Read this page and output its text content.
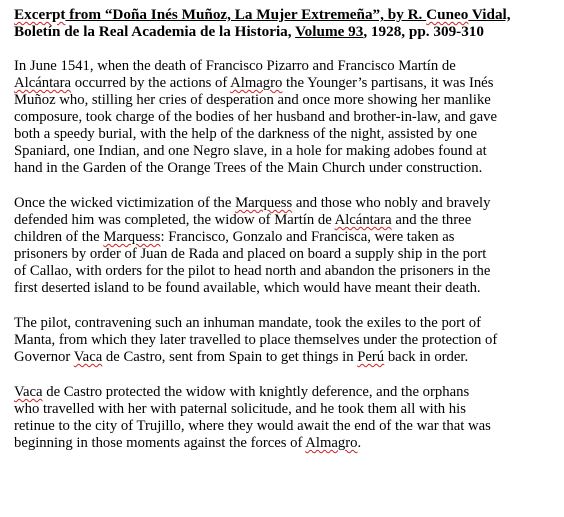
Excerpt from “Doña Inés Muñoz, La Mujer Extremeña”, by R. Cuneo Vidal,
Boletín de la Real Academia de la Historia, Volume 93, 1928, pp. 309-310
In June 1541, when the death of Francisco Pizarro and Francisco Martín de
Alcántara occurred by the actions of Almagro the Younger’s partisans, it was Inés
Muñoz who, stilling her cries of desperation and once more showing her manlike
composure, took charge of the bodies of her husband and brother-in-law, and gave
both a speedy burial, with the help of the darkness of the night, assisted by one
Spaniard, one Indian, and one Negro slave, in a hole for making adobes found at
hand in the Garden of the Orange Trees of the Main Church under construction.
Once the wicked victimization of the Marquess and those who nobly and bravely
defended him was completed, the widow of Martín de Alcántara and the three
children of the Marquess: Francisco, Gonzalo and Francisca, were taken as
prisoners by order of Juan de Rada and placed on board a supply ship in the port
of Callao, with orders for the pilot to head north and abandon the prisoners in the
first deserted island to be found available, which would have meant their death.
The pilot, contravening such an inhuman mandate, took the exiles to the port of
Manta, from which they later travelled to place themselves under the protection of
Governor Vaca de Castro, sent from Spain to get things in Perú back in order.
Vaca de Castro protected the widow with knightly deference, and the orphans
who travelled with her with paternal solicitude, and he took them all with his
retinue to the city of Trujillo, where they would await the end of the war that was
beginning in those moments against the forces of Almagro.
